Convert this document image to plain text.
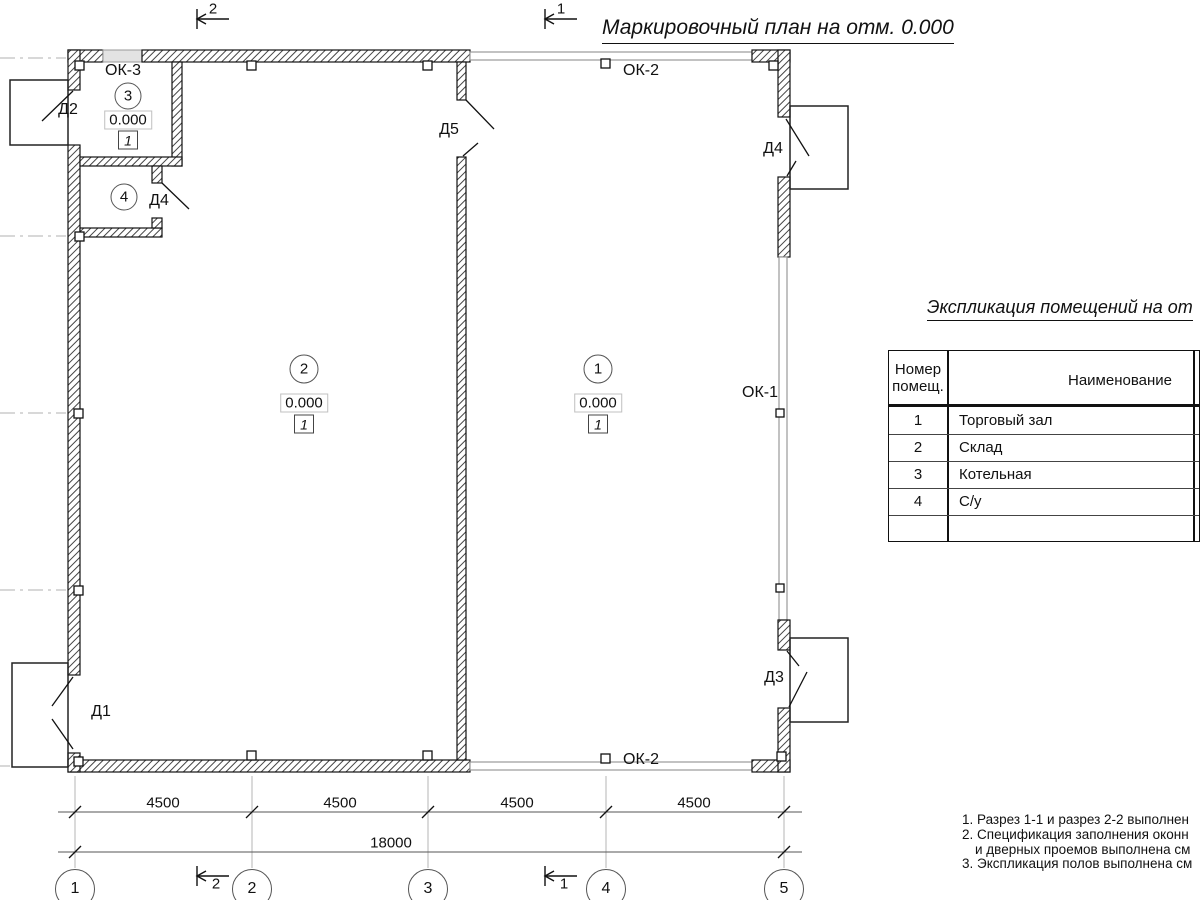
Маркировочный план на отм. 0.000
ОК-3	ОК-2
ОК-2
ОК-1
Д2
Д5
Д4
Д4
Д3
Д1
2	1
2	1
3
0.000
1
4
2
0.000
1
1
0.000
1
4500	4500	4500	4500
18000
1	2	3	4	5
Экспликация помещений на от
Номер
помещ.	Наименование
1	Торговый зал
2	Склад
3	Котельная
4	С/у
1. Разрез 1-1 и разрез 2-2 выполнен
2. Спецификация заполнения оконн
и дверных проемов выполнена см
3. Экспликация полов выполнена см
